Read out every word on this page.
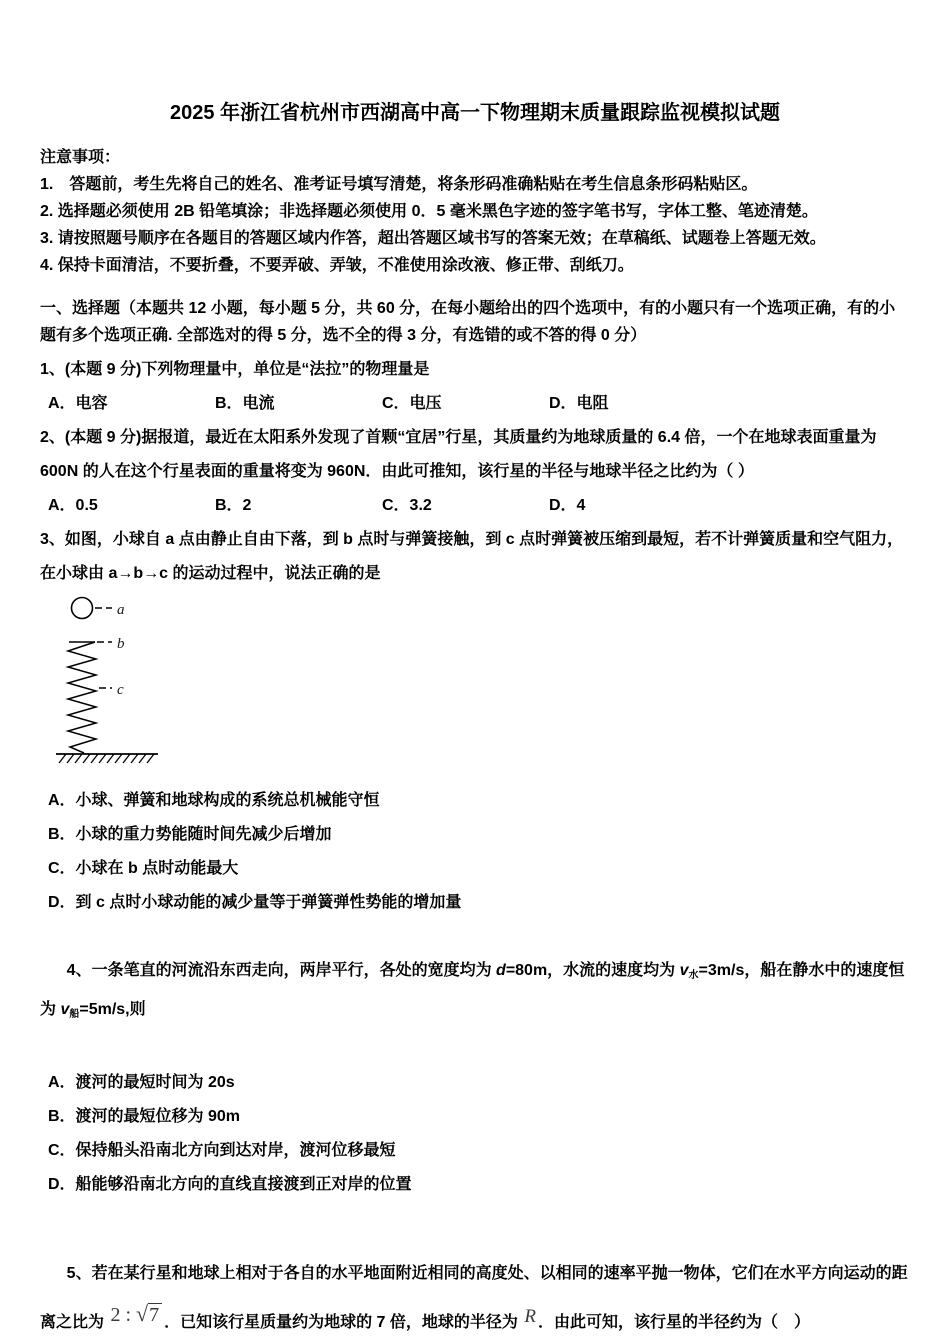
2025 年浙江省杭州市西湖高中高一下物理期末质量跟踪监视模拟试题

注意事项：

1.　答题前，考生先将自己的姓名、准考证号填写清楚，将条形码准确粘贴在考生信息条形码粘贴区。

2. 选择题必须使用 2B 铅笔填涂；非选择题必须使用 0．5 毫米黑色字迹的签字笔书写，字体工整、笔迹清楚。

3. 请按照题号顺序在各题目的答题区域内作答，超出答题区域书写的答案无效；在草稿纸、试题卷上答题无效。

4. 保持卡面清洁，不要折叠，不要弄破、弄皱，不准使用涂改液、修正带、刮纸刀。

一、选择题（本题共 12 小题，每小题 5 分，共 60 分，在每小题给出的四个选项中，有的小题只有一个选项正确，有的小题有多个选项正确. 全部选对的得 5 分，选不全的得 3 分，有选错的或不答的得 0 分）

1、(本题 9 分)下列物理量中，单位是“法拉”的物理量是

A．电容	B．电流	C．电压	D．电阻

2、(本题 9 分)据报道，最近在太阳系外发现了首颗“宜居”行星，其质量约为地球质量的 6.4 倍，一个在地球表面重量为 600N 的人在这个行星表面的重量将变为 960N．由此可推知，该行星的半径与地球半径之比约为（ ）

A．0.5	B．2	C．3.2	D．4

3、如图，小球自 a 点由静止自由下落，到 b 点时与弹簧接触，到 c 点时弹簧被压缩到最短，若不计弹簧质量和空气阻力，在小球由 a→b→c 的运动过程中，说法正确的是

a
b
c

A．小球、弹簧和地球构成的系统总机械能守恒

B．小球的重力势能随时间先减少后增加

C．小球在 b 点时动能最大

D．到 c 点时小球动能的减少量等于弹簧弹性势能的增加量

4、一条笔直的河流沿东西走向，两岸平行，各处的宽度均为 d=80m，水流的速度均为 $v_水=3m/s$，船在静水中的速度恒为 $v_船=5m/s$,则

A．渡河的最短时间为 20s

B．渡河的最短位移为 90m

C．保持船头沿南北方向到达对岸，渡河位移最短

D．船能够沿南北方向的直线直接渡到正对岸的位置

5、若在某行星和地球上相对于各自的水平地面附近相同的高度处、以相同的速率平抛一物体，它们在水平方向运动的距离之比为 2 : √7 ．已知该行星质量约为地球的 7 倍，地球的半径为 R ．由此可知，该行星的半径约为（　）
